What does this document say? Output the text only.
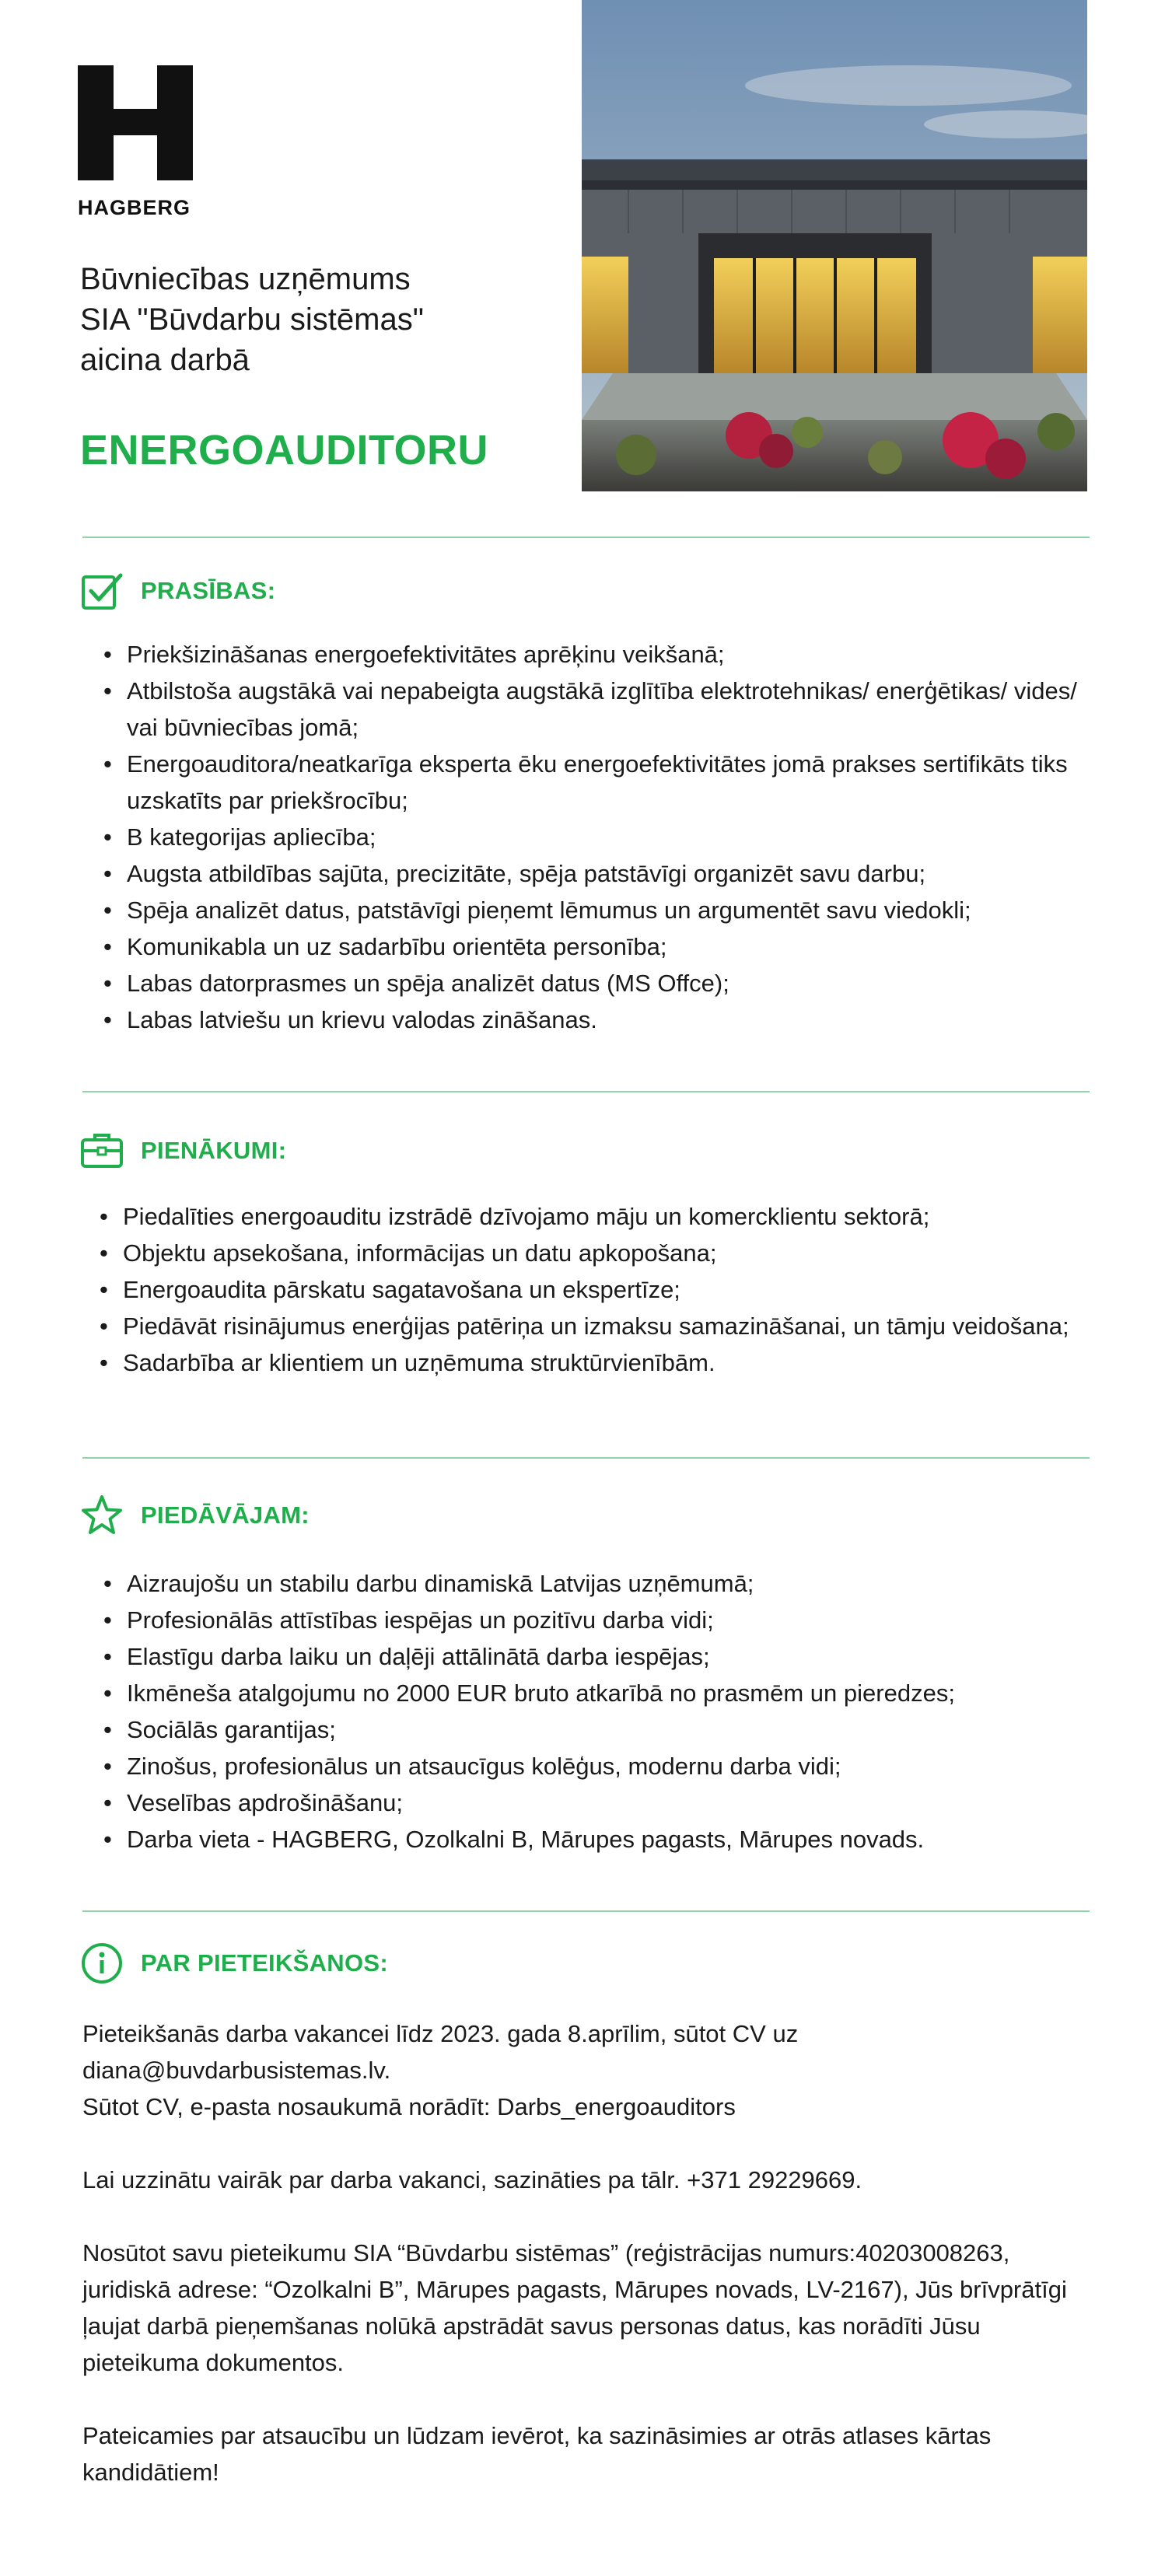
HAGBERG
Būvniecības uzņēmums
SIA "Būvdarbu sistēmas"
aicina darbā
ENERGOAUDITORU
PRASĪBAS:
• Priekšizināšanas energoefektivitātes aprēķinu veikšanā;
• Atbilstoša augstākā vai nepabeigta augstākā izglītība elektrotehnikas/ enerģētikas/ vides/ vai būvniecības jomā;
• Energoauditora/neatkarīga eksperta ēku energoefektivitātes jomā prakses sertifikāts tiks uzskatīts par priekšrocību;
• B kategorijas apliecība;
• Augsta atbildības sajūta, precizitāte, spēja patstāvīgi organizēt savu darbu;
• Spēja analizēt datus, patstāvīgi pieņemt lēmumus un argumentēt savu viedokli;
• Komunikabla un uz sadarbību orientēta personība;
• Labas datorprasmes un spēja analizēt datus (MS Offce);
• Labas latviešu un krievu valodas zināšanas.
PIENĀKUMI:
• Piedalīties energoauditu izstrādē dzīvojamo māju un komercklientu sektorā;
• Objektu apsekošana, informācijas un datu apkopošana;
• Energoaudita pārskatu sagatavošana un ekspertīze;
• Piedāvāt risinājumus enerģijas patēriņa un izmaksu samazināšanai, un tāmju veidošana;
• Sadarbība ar klientiem un uzņēmuma struktūrvienībām.
PIEDĀVĀJAM:
• Aizraujošu un stabilu darbu dinamiskā Latvijas uzņēmumā;
• Profesionālās attīstības iespējas un pozitīvu darba vidi;
• Elastīgu darba laiku un daļēji attālinātā darba iespējas;
• Ikmēneša atalgojumu no 2000 EUR bruto atkarībā no prasmēm un pieredzes;
• Sociālās garantijas;
• Zinošus, profesionālus un atsaucīgus kolēģus, modernu darba vidi;
• Veselības apdrošināšanu;
• Darba vieta - HAGBERG, Ozolkalni B, Mārupes pagasts, Mārupes novads.
PAR PIETEIKŠANOS:

Pieteikšanās darba vakancei līdz 2023. gada 8.aprīlim, sūtot CV uz diana@buvdarbusistemas.lv.
Sūtot CV, e-pasta nosaukumā norādīt: Darbs_energoauditors

Lai uzzinātu vairāk par darba vakanci, sazināties pa tālr. +371 29229669.

Nosūtot savu pieteikumu SIA “Būvdarbu sistēmas” (reģistrācijas numurs:40203008263, juridiskā adrese: “Ozolkalni B”, Mārupes pagasts, Mārupes novads, LV-2167), Jūs brīvprātīgi ļaujat darbā pieņemšanas nolūkā apstrādāt savus personas datus, kas norādīti Jūsu pieteikuma dokumentos.

Pateicamies par atsaucību un lūdzam ievērot, ka sazināsimies ar otrās atlases kārtas kandidātiem!
